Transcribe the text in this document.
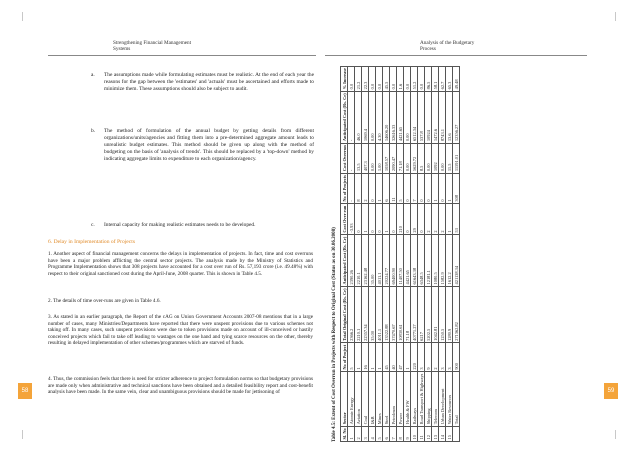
Strengthening Financial Management
Systems
a. The assumptions made while formulating estimates must be realistic. At the end of each year the reasons for the gap between the 'estimates' and 'actuals' must be ascertained and efforts made to minimize them. These assumptions should also be subject to audit.
b. The method of formulation of the annual budget by getting details from different organizations/units/agencies and fitting them into a pre-determined aggregate amount leads to unrealistic budget estimates. This method should be given up along with the method of budgeting on the basis of 'analysis of trends'. This should be replaced by a 'top-down' method by indicating aggregate limits to expenditure to each organization/agency.
c. Internal capacity for making realistic estimates needs to be developed.
6. Delay in Implementation of Projects
1. Another aspect of financial management concerns the delays in implementation of projects. In fact, time and cost overruns have been a major problem afflicting the central sector projects. The analysis made by the Ministry of Statistics and Programme Implementation shows that 308 projects have accounted for a cost over run of Rs. 57,193 crore (i.e. 49.48%) with respect to their original sanctioned cost during the April-June, 2008 quarter. This is shown in Table 4.5.
2. The details of time over-runs are given in Table 4.6.
3. As stated in an earlier paragraph, the Report of the cAG on Union Government Accounts 2007-08 mentions that in a large number of cases, many Ministries/Departments have reported that there were unspent provisions due to various schemes not taking off. In many cases, such unspent provisions were due to token provisions made on account of ill-conceived or hastily conceived projects which fail to take off leading to wastages on the one hand and tying scarce resources on the other, thereby resulting in delayed implementation of other schemes/programmes which are starved of funds.
4. Thus, the commission feels that there is need for stricter adherence to project formulation norms so that budgetary provisions are made only when administrative and technical sanctions have been obtained and a detailed feasibility report and cost-benefit analysis have been made. In the same vein, clear and unambiguous provisions should be made for jettisoning of
58
Analysis of the Budgetary
Process
59
Table 4.5: Extent of Cost Overrun in Projects with Respect to Original Cost (Status as on 30.06.2008)	Sl. No	Sector	No of Project	Total Original Cost (Rs. Cr)	Anticipated Cost (Rs. Cr)	Cost Over run	No of Projects	Cost Overrun	Anticipated Cost (Rs. Cr)	% Increase
1	Atomic Energy	5	2366.2	2390.26	-3.93	-	-	-	0.0
2	Aviation	1	2210.1	2210.1	0	8	13.5	46.0	21.2
3	Coal	16	22357.34	23162.48	1	2	407.3	1069.4	22.3
4	I&B	1	35.00	35.00	0	0	0.00	0.00	0.0
5	Mines	1	4011.1	4011.1	0	1	1.00	4.30	0.0
6	Steel	45	13522.88	20224.77	1	6	1058.57	14606.20	45.5
7	Petroleum	40	37470.67	69400.90	0	11	2090.47	32616.33	0.0
8	Power	47	10830.61	11407.50	210	5	71.18	4421.65	1.6
9	Health & FW	1	71.18	4421.65	0	0	0.00	0.00	0.0
10	Railways	220	40771.27	61643.38	29	7	5629.72	6512.34	51.2
11	Road Transport & Highways	3	6217	6348.5	0	0	8.5	537.8	0.0
12	Shipping	9	5202.5	12181.1	2	0	0.00	10924	86.5
13	Telecom	2	1042.81	1080.5	2	1	1092	1472.6	58.1
14	Urban Development	3	1250.5	1582.9	2	0	0.00	8743.1	62.7
15	Water Resources	3	1280.9	1612.2	1	1	11.5	13.6	65.3
	Total	900	271362.82	421138.34	53	308	11591.01	12356.27	49.48
